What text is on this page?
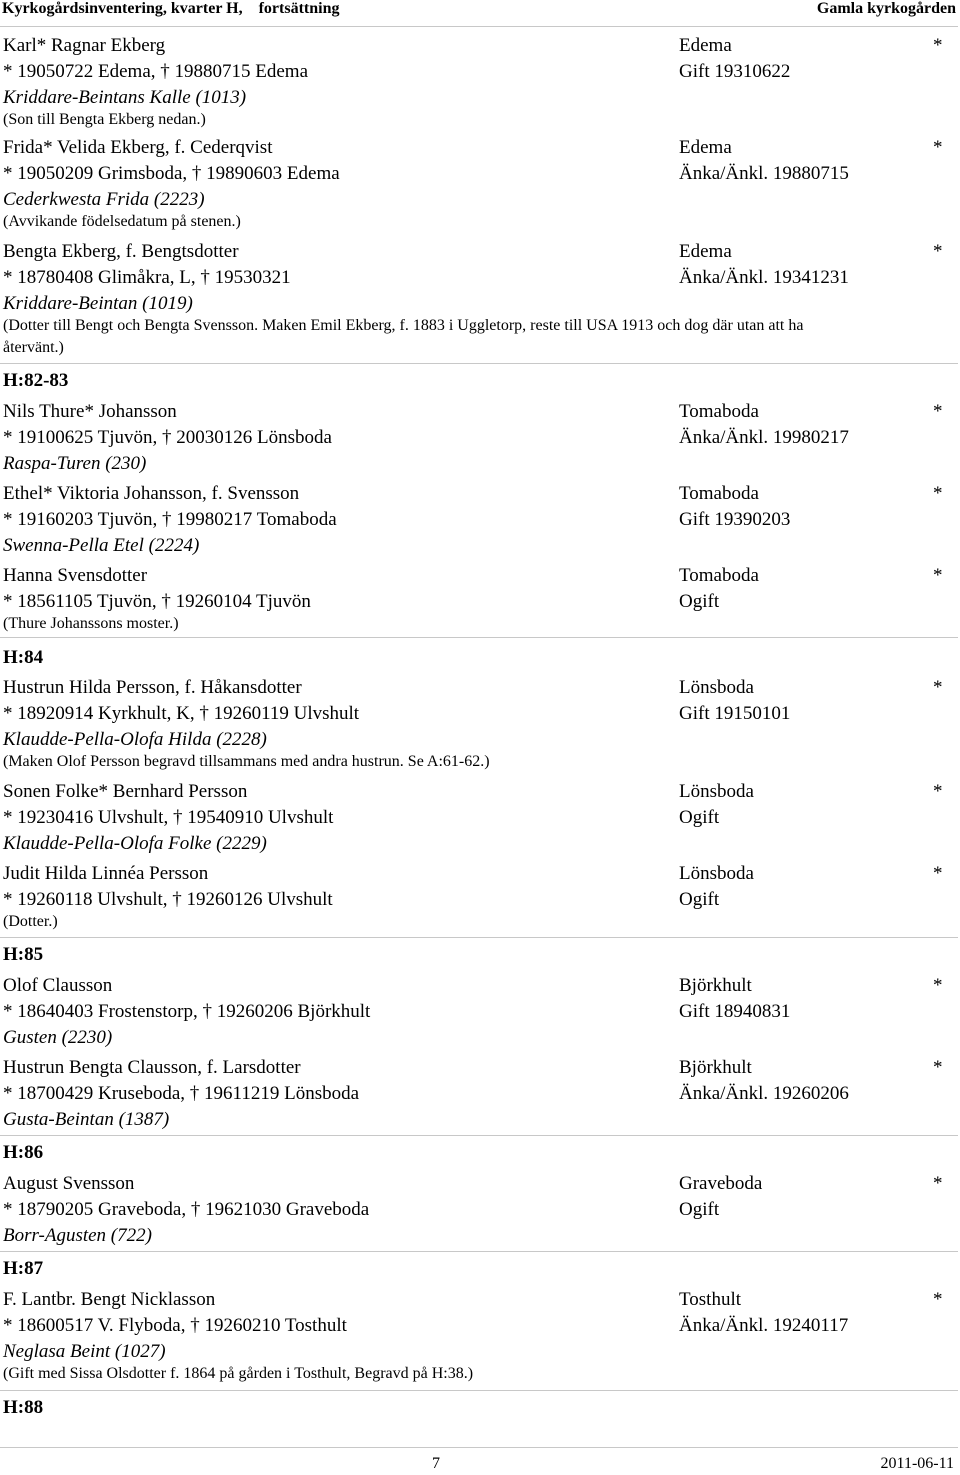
Kyrkogårdsinventering, kvarter H,    fortsättning	Gamla kyrkogården
Karl* Ragnar Ekberg	Edema	*
* 19050722 Edema, † 19880715 Edema	Gift 19310622
Kriddare-Beintans Kalle (1013)
(Son till Bengta Ekberg nedan.)
Frida* Velida Ekberg, f. Cederqvist	Edema	*
* 19050209 Grimsboda, † 19890603 Edema	Änka/Änkl. 19880715
Cederkwesta Frida (2223)
(Avvikande födelsedatum på stenen.)
Bengta Ekberg, f. Bengtsdotter	Edema	*
* 18780408 Glimåkra, L, † 19530321	Änka/Änkl. 19341231
Kriddare-Beintan (1019)
(Dotter till Bengt och Bengta Svensson. Maken Emil Ekberg, f. 1883 i Uggletorp, reste till USA 1913 och dog där utan att ha
återvänt.)
H:82-83
Nils Thure* Johansson	Tomaboda	*
* 19100625 Tjuvön, † 20030126 Lönsboda	Änka/Änkl. 19980217
Raspa-Turen (230)
Ethel* Viktoria Johansson, f. Svensson	Tomaboda	*
* 19160203 Tjuvön, † 19980217 Tomaboda	Gift 19390203
Swenna-Pella Etel (2224)
Hanna Svensdotter	Tomaboda	*
* 18561105 Tjuvön, † 19260104 Tjuvön	Ogift
(Thure Johanssons moster.)
H:84
Hustrun Hilda Persson, f. Håkansdotter	Lönsboda	*
* 18920914 Kyrkhult, K, † 19260119 Ulvshult	Gift 19150101
Klaudde-Pella-Olofa Hilda (2228)
(Maken Olof Persson begravd tillsammans med andra hustrun. Se A:61-62.)
Sonen Folke* Bernhard Persson	Lönsboda	*
* 19230416 Ulvshult, † 19540910 Ulvshult	Ogift
Klaudde-Pella-Olofa Folke (2229)
Judit Hilda Linnéa Persson	Lönsboda	*
* 19260118 Ulvshult, † 19260126 Ulvshult	Ogift
(Dotter.)
H:85
Olof Clausson	Björkhult	*
* 18640403 Frostenstorp, † 19260206 Björkhult	Gift 18940831
Gusten (2230)
Hustrun Bengta Clausson, f. Larsdotter	Björkhult	*
* 18700429 Kruseboda, † 19611219 Lönsboda	Änka/Änkl. 19260206
Gusta-Beintan (1387)
H:86
August Svensson	Graveboda	*
* 18790205 Graveboda, † 19621030 Graveboda	Ogift
Borr-Agusten (722)
H:87
F. Lantbr. Bengt Nicklasson	Tosthult	*
* 18600517 V. Flyboda, † 19260210 Tosthult	Änka/Änkl. 19240117
Neglasa Beint (1027)
(Gift med Sissa Olsdotter f. 1864 på gården i Tosthult, Begravd på H:38.)
H:88
7	2011-06-11
